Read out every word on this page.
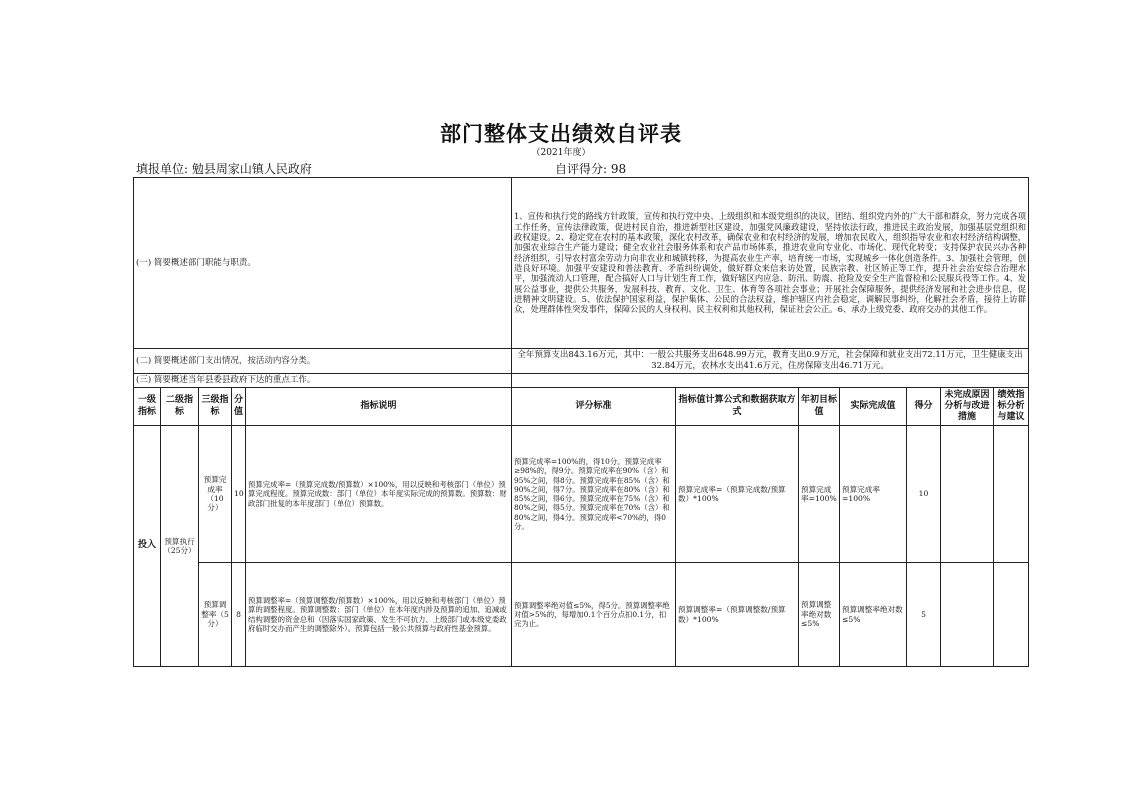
部门整体支出绩效自评表
（2021年度）
填报单位: 勉县周家山镇人民政府	自评得分: 98
(一) 简要概述部门职能与职责。					1、宣传和执行党的路线方针政策，宣传和执行党中央、上级组织和本级党组织的决议，团结、组织党内外的广大干部和群众，努力完成各项工作任务，宣传法律政策，促进村民自治，推进新型社区建设，加强党风廉政建设，坚持依法行政，推进民主政治发展，加强基层党组织和政权建设。2、稳定党在农村的基本政策，深化农村改革，确保农业和农村经济的发展，增加农民收入，组织指导农业和农村经济结构调整，加强农业综合生产能力建设；健全农业社会服务体系和农产品市场体系，推进农业向专业化、市场化、现代化转变；支持保护农民兴办各种经济组织，引导农村富余劳动力向非农业和城镇转移，为提高农业生产率，培育统一市场，实现城乡一体化创造条件。3、加强社会管理，创造良好环境。加强平安建设和普法教育、矛盾纠纷调处，做好群众来信来访处置，民族宗教、社区矫正等工作，提升社会治安综合治理水平，加强流动人口管理，配合搞好人口与计划生育工作，做好辖区内应急、防汛、防震、抢险及安全生产监督检和公民服兵役等工作。4、发展公益事业，提供公共服务，发展科技、教育、文化、卫生、体育等各项社会事业；开展社会保障服务，提供经济发展和社会进步信息，促进精神文明建设。5、依法保护国家利益，保护集体、公民的合法权益，维护辖区内社会稳定，调解民事纠纷，化解社会矛盾，接待上访群众，处理群体性突发事件，保障公民的人身权利、民主权利和其他权利，保证社会公正。6、承办上级党委、政府交办的其他工作。						
(二) 简要概述部门支出情况，按活动内容分类。					全年预算支出843.16万元，其中：一般公共服务支出648.99万元，教育支出0.9万元，社会保障和就业支出72.11万元，卫生健康支出32.84万元，农林水支出41.6万元，住房保障支出46.71万元。						
(三) 简要概述当年县委县政府下达的重点工作。											
一级指标	二级指标	三级指标	分值	指标说明	评分标准	指标值计算公式和数据获取方式	年初目标值	实际完成值	得分	未完成原因分析与改进措施	绩效指标分析与建议
投入	预算执行（25分）	预算完成率（10分）	10	预算完成率=（预算完成数/预算数）×100%，用以反映和考核部门（单位）预算完成程度。预算完成数：部门（单位）本年度实际完成的预算数。预算数：财政部门批复的本年度部门（单位）预算数。	预算完成率=100%的，得10分。预算完成率≥98%的，得9分。预算完成率在90%（含）和95%之间，得8分。预算完成率在85%（含）和90%之间，得7分。预算完成率在80%（含）和85%之间，得6分。预算完成率在75%（含）和80%之间，得5分。预算完成率在70%（含）和80%之间，得4分。预算完成率<70%的，得0分。	预算完成率=（预算完成数/预算数）*100%	预算完成率=100%	预算完成率=100%	10		
		预算调整率（5分）	8	预算调整率=（预算调整数/预算数）×100%，用以反映和考核部门（单位）预算的调整程度。预算调整数：部门（单位）在本年度内涉及预算的追加、追减或结构调整的资金总和（因落实国家政策、发生不可抗力、上级部门或本级党委政府临时交办而产生的调整除外）。预算包括一般公共预算与政府性基金预算。	预算调整率绝对值≤5%，得5分。预算调整率绝对值>5%的，每增加0.1个百分点扣0.1分，扣完为止。	预算调整率=（预算调整数/预算数）*100%	预算调整率绝对数≤5%	预算调整率绝对数≤5%	5		
